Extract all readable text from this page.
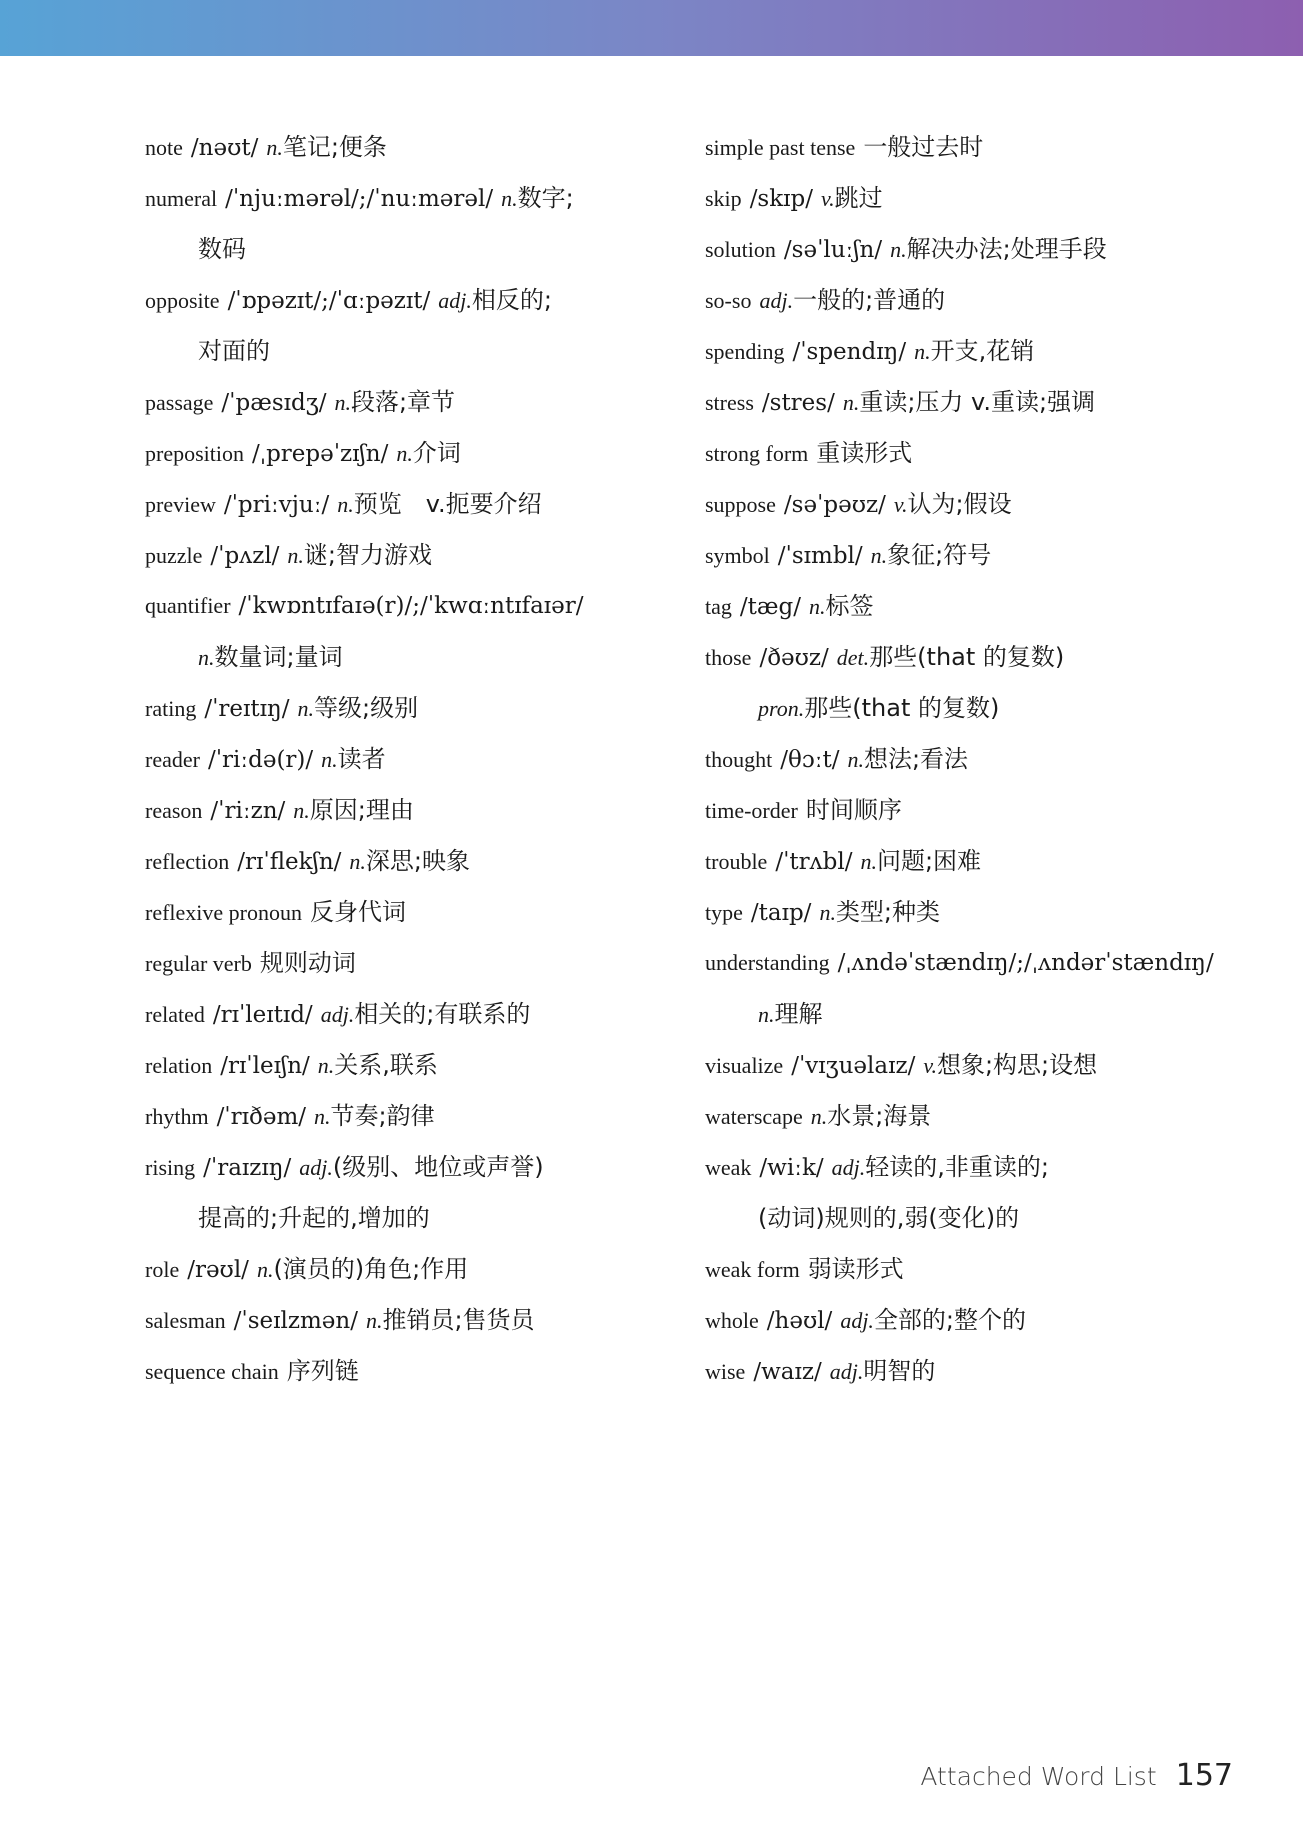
note /nəʊt/ n.笔记;便条
numeral /ˈnjuːmərəl/;/ˈnuːmərəl/ n.数字;
数码
opposite /ˈɒpəzɪt/;/ˈɑːpəzɪt/ adj.相反的;
对面的
passage /ˈpæsɪdʒ/ n.段落;章节
preposition /ˌprepəˈzɪʃn/ n.介词
preview /ˈpriːvjuː/ n.预览　v.扼要介绍
puzzle /ˈpʌzl/ n.谜;智力游戏
quantifier /ˈkwɒntɪfaɪə(r)/;/ˈkwɑːntɪfaɪər/
n.数量词;量词
rating /ˈreɪtɪŋ/ n.等级;级别
reader /ˈriːdə(r)/ n.读者
reason /ˈriːzn/ n.原因;理由
reflection /rɪˈflekʃn/ n.深思;映象
reflexive pronoun 反身代词
regular verb 规则动词
related /rɪˈleɪtɪd/ adj.相关的;有联系的
relation /rɪˈleɪʃn/ n.关系,联系
rhythm /ˈrɪðəm/ n.节奏;韵律
rising /ˈraɪzɪŋ/ adj.(级别、地位或声誉)
提高的;升起的,增加的
role /rəʊl/ n.(演员的)角色;作用
salesman /ˈseɪlzmən/ n.推销员;售货员
sequence chain 序列链
simple past tense 一般过去时
skip /skɪp/ v.跳过
solution /səˈluːʃn/ n.解决办法;处理手段
so-so adj.一般的;普通的
spending /ˈspendɪŋ/ n.开支,花销
stress /stres/ n.重读;压力 v.重读;强调
strong form 重读形式
suppose /səˈpəʊz/ v.认为;假设
symbol /ˈsɪmbl/ n.象征;符号
tag /tæg/ n.标签
those /ðəʊz/ det.那些(that 的复数)
pron.那些(that 的复数)
thought /θɔːt/ n.想法;看法
time-order 时间顺序
trouble /ˈtrʌbl/ n.问题;困难
type /taɪp/ n.类型;种类
understanding /ˌʌndəˈstændɪŋ/;/ˌʌndərˈstændɪŋ/
n.理解
visualize /ˈvɪʒuəlaɪz/ v.想象;构思;设想
waterscape n.水景;海景
weak /wiːk/ adj.轻读的,非重读的;
(动词)规则的,弱(变化)的
weak form 弱读形式
whole /həʊl/ adj.全部的;整个的
wise /waɪz/ adj.明智的
Attached Word List 157
